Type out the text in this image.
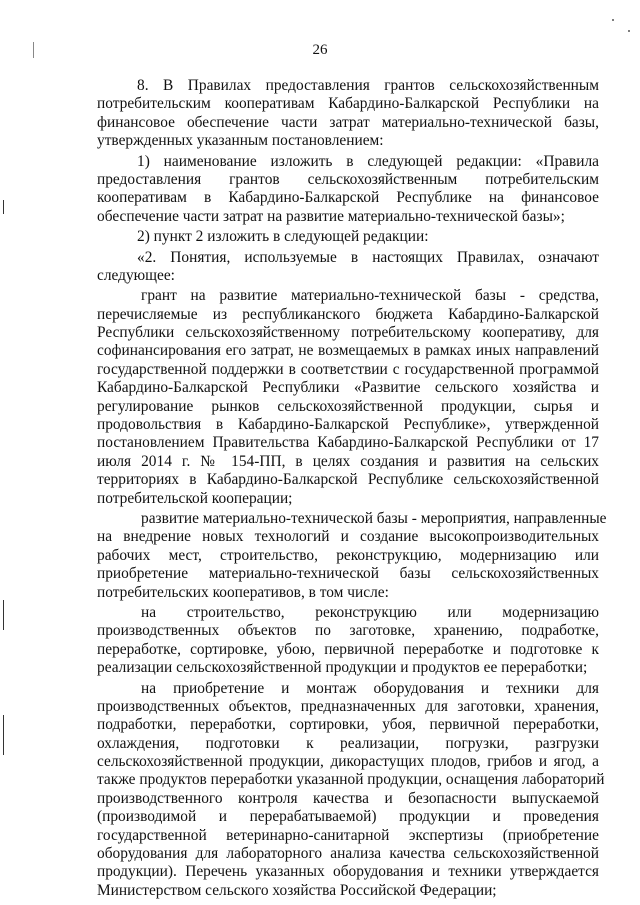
26
8. В Правилах предоставления грантов сельскохозяйственным
потребительским кооперативам Кабардино-Балкарской Республики на
финансовое обеспечение части затрат материально-технической базы,
утвержденных указанным постановлением:
1) наименование изложить в следующей редакции: «Правила
предоставления грантов сельскохозяйственным потребительским
кооперативам в Кабардино-Балкарской Республике на финансовое
обеспечение части затрат на развитие материально-технической базы»;
2) пункт 2 изложить в следующей редакции:
«2. Понятия, используемые в настоящих Правилах, означают
следующее:
грант на развитие материально-технической базы - средства,
перечисляемые из республиканского бюджета Кабардино-Балкарской
Республики сельскохозяйственному потребительскому кооперативу, для
софинансирования его затрат, не возмещаемых в рамках иных направлений
государственной поддержки в соответствии с государственной программой
Кабардино-Балкарской Республики «Развитие сельского хозяйства и
регулирование рынков сельскохозяйственной продукции, сырья и
продовольствия в Кабардино-Балкарской Республике», утвержденной
постановлением Правительства Кабардино-Балкарской Республики от 17
июля 2014 г. № 154-ПП, в целях создания и развития на сельских
территориях в Кабардино-Балкарской Республике сельскохозяйственной
потребительской кооперации;
развитие материально-технической базы - мероприятия, направленные
на внедрение новых технологий и создание высокопроизводительных
рабочих мест, строительство, реконструкцию, модернизацию или
приобретение материально-технической базы сельскохозяйственных
потребительских кооперативов, в том числе:
на строительство, реконструкцию или модернизацию
производственных объектов по заготовке, хранению, подработке,
переработке, сортировке, убою, первичной переработке и подготовке к
реализации сельскохозяйственной продукции и продуктов ее переработки;
на приобретение и монтаж оборудования и техники для
производственных объектов, предназначенных для заготовки, хранения,
подработки, переработки, сортировки, убоя, первичной переработки,
охлаждения, подготовки к реализации, погрузки, разгрузки
сельскохозяйственной продукции, дикорастущих плодов, грибов и ягод, а
также продуктов переработки указанной продукции, оснащения лабораторий
производственного контроля качества и безопасности выпускаемой
(производимой и перерабатываемой) продукции и проведения
государственной ветеринарно-санитарной экспертизы (приобретение
оборудования для лабораторного анализа качества сельскохозяйственной
продукции). Перечень указанных оборудования и техники утверждается
Министерством сельского хозяйства Российской Федерации;
